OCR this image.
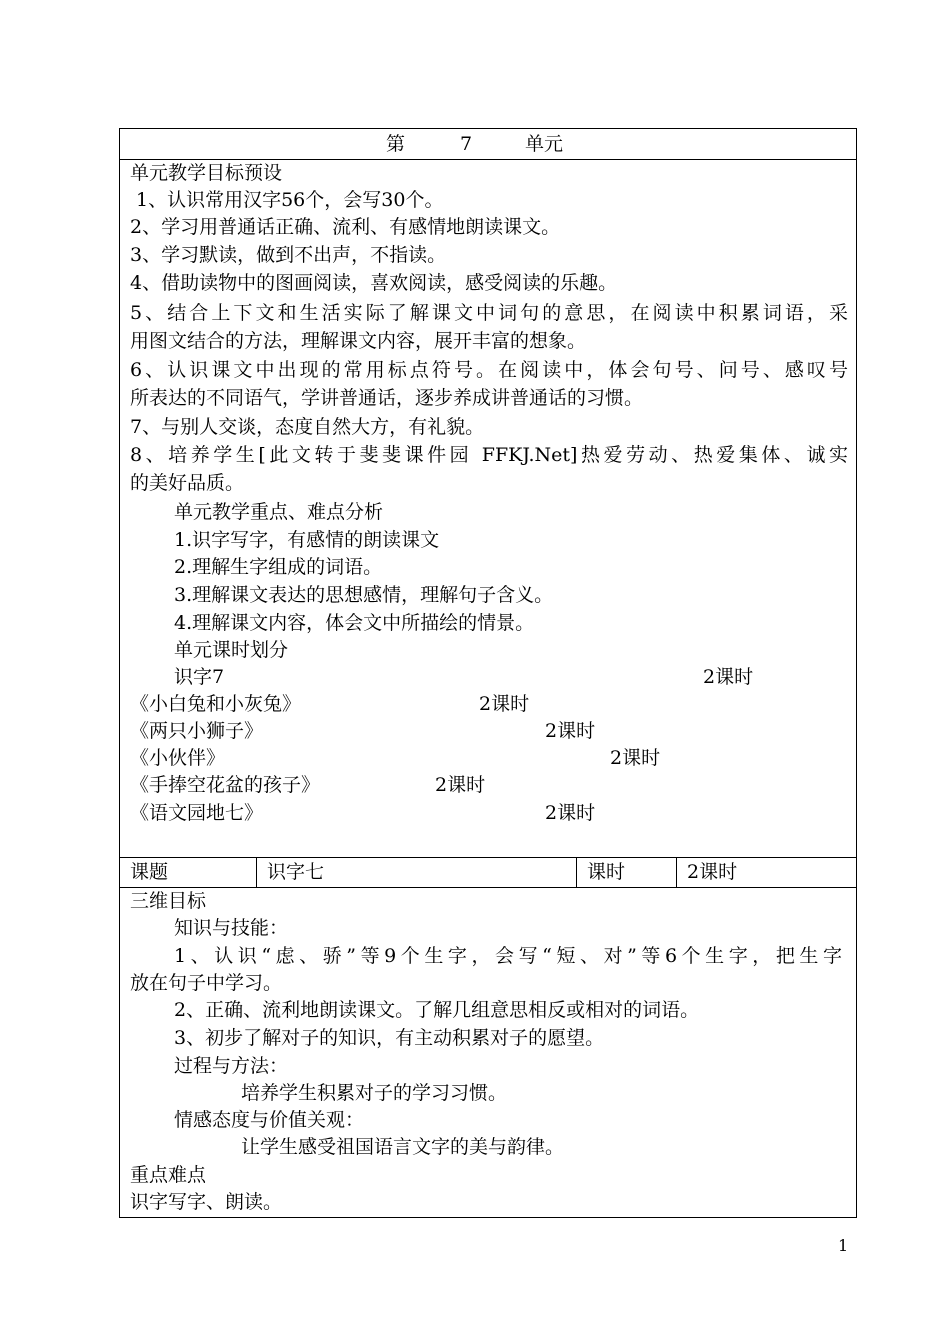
第	7	单元
单元教学目标预设
1、认识常用汉字56个，会写30个。
2、学习用普通话正确、流利、有感情地朗读课文。
3、学习默读，做到不出声，不指读。
4、借助读物中的图画阅读，喜欢阅读，感受阅读的乐趣。
5、结合上下文和生活实际了解课文中词句的意思，在阅读中积累词语，采
用图文结合的方法，理解课文内容，展开丰富的想象。
6、认识课文中出现的常用标点符号。在阅读中，体会句号、问号、感叹号
所表达的不同语气，学讲普通话，逐步养成讲普通话的习惯。
7、与别人交谈，态度自然大方，有礼貌。
8、培养学生[此文转于斐斐课件园 FFKJ.Net]热爱劳动、热爱集体、诚实
的美好品质。
单元教学重点、难点分析
1.识字写字，有感情的朗读课文
2.理解生字组成的词语。
3.理解课文表达的思想感情，理解句子含义。
4.理解课文内容，体会文中所描绘的情景。
单元课时划分
识字7	2课时
《小白兔和小灰兔》	2课时
《两只小狮子》	2课时
《小伙伴》	2课时
《手捧空花盆的孩子》	2课时
《语文园地七》	2课时
课题	识字七	课时	2课时
三维目标
知识与技能：
1、认识“虑、骄”等9个生字，会写“短、对”等6个生字，把生字
放在句子中学习。
2、正确、流利地朗读课文。了解几组意思相反或相对的词语。
3、初步了解对子的知识，有主动积累对子的愿望。
过程与方法：
培养学生积累对子的学习习惯。
情感态度与价值关观：
让学生感受祖国语言文字的美与韵律。
重点难点
识字写字、朗读。
1
